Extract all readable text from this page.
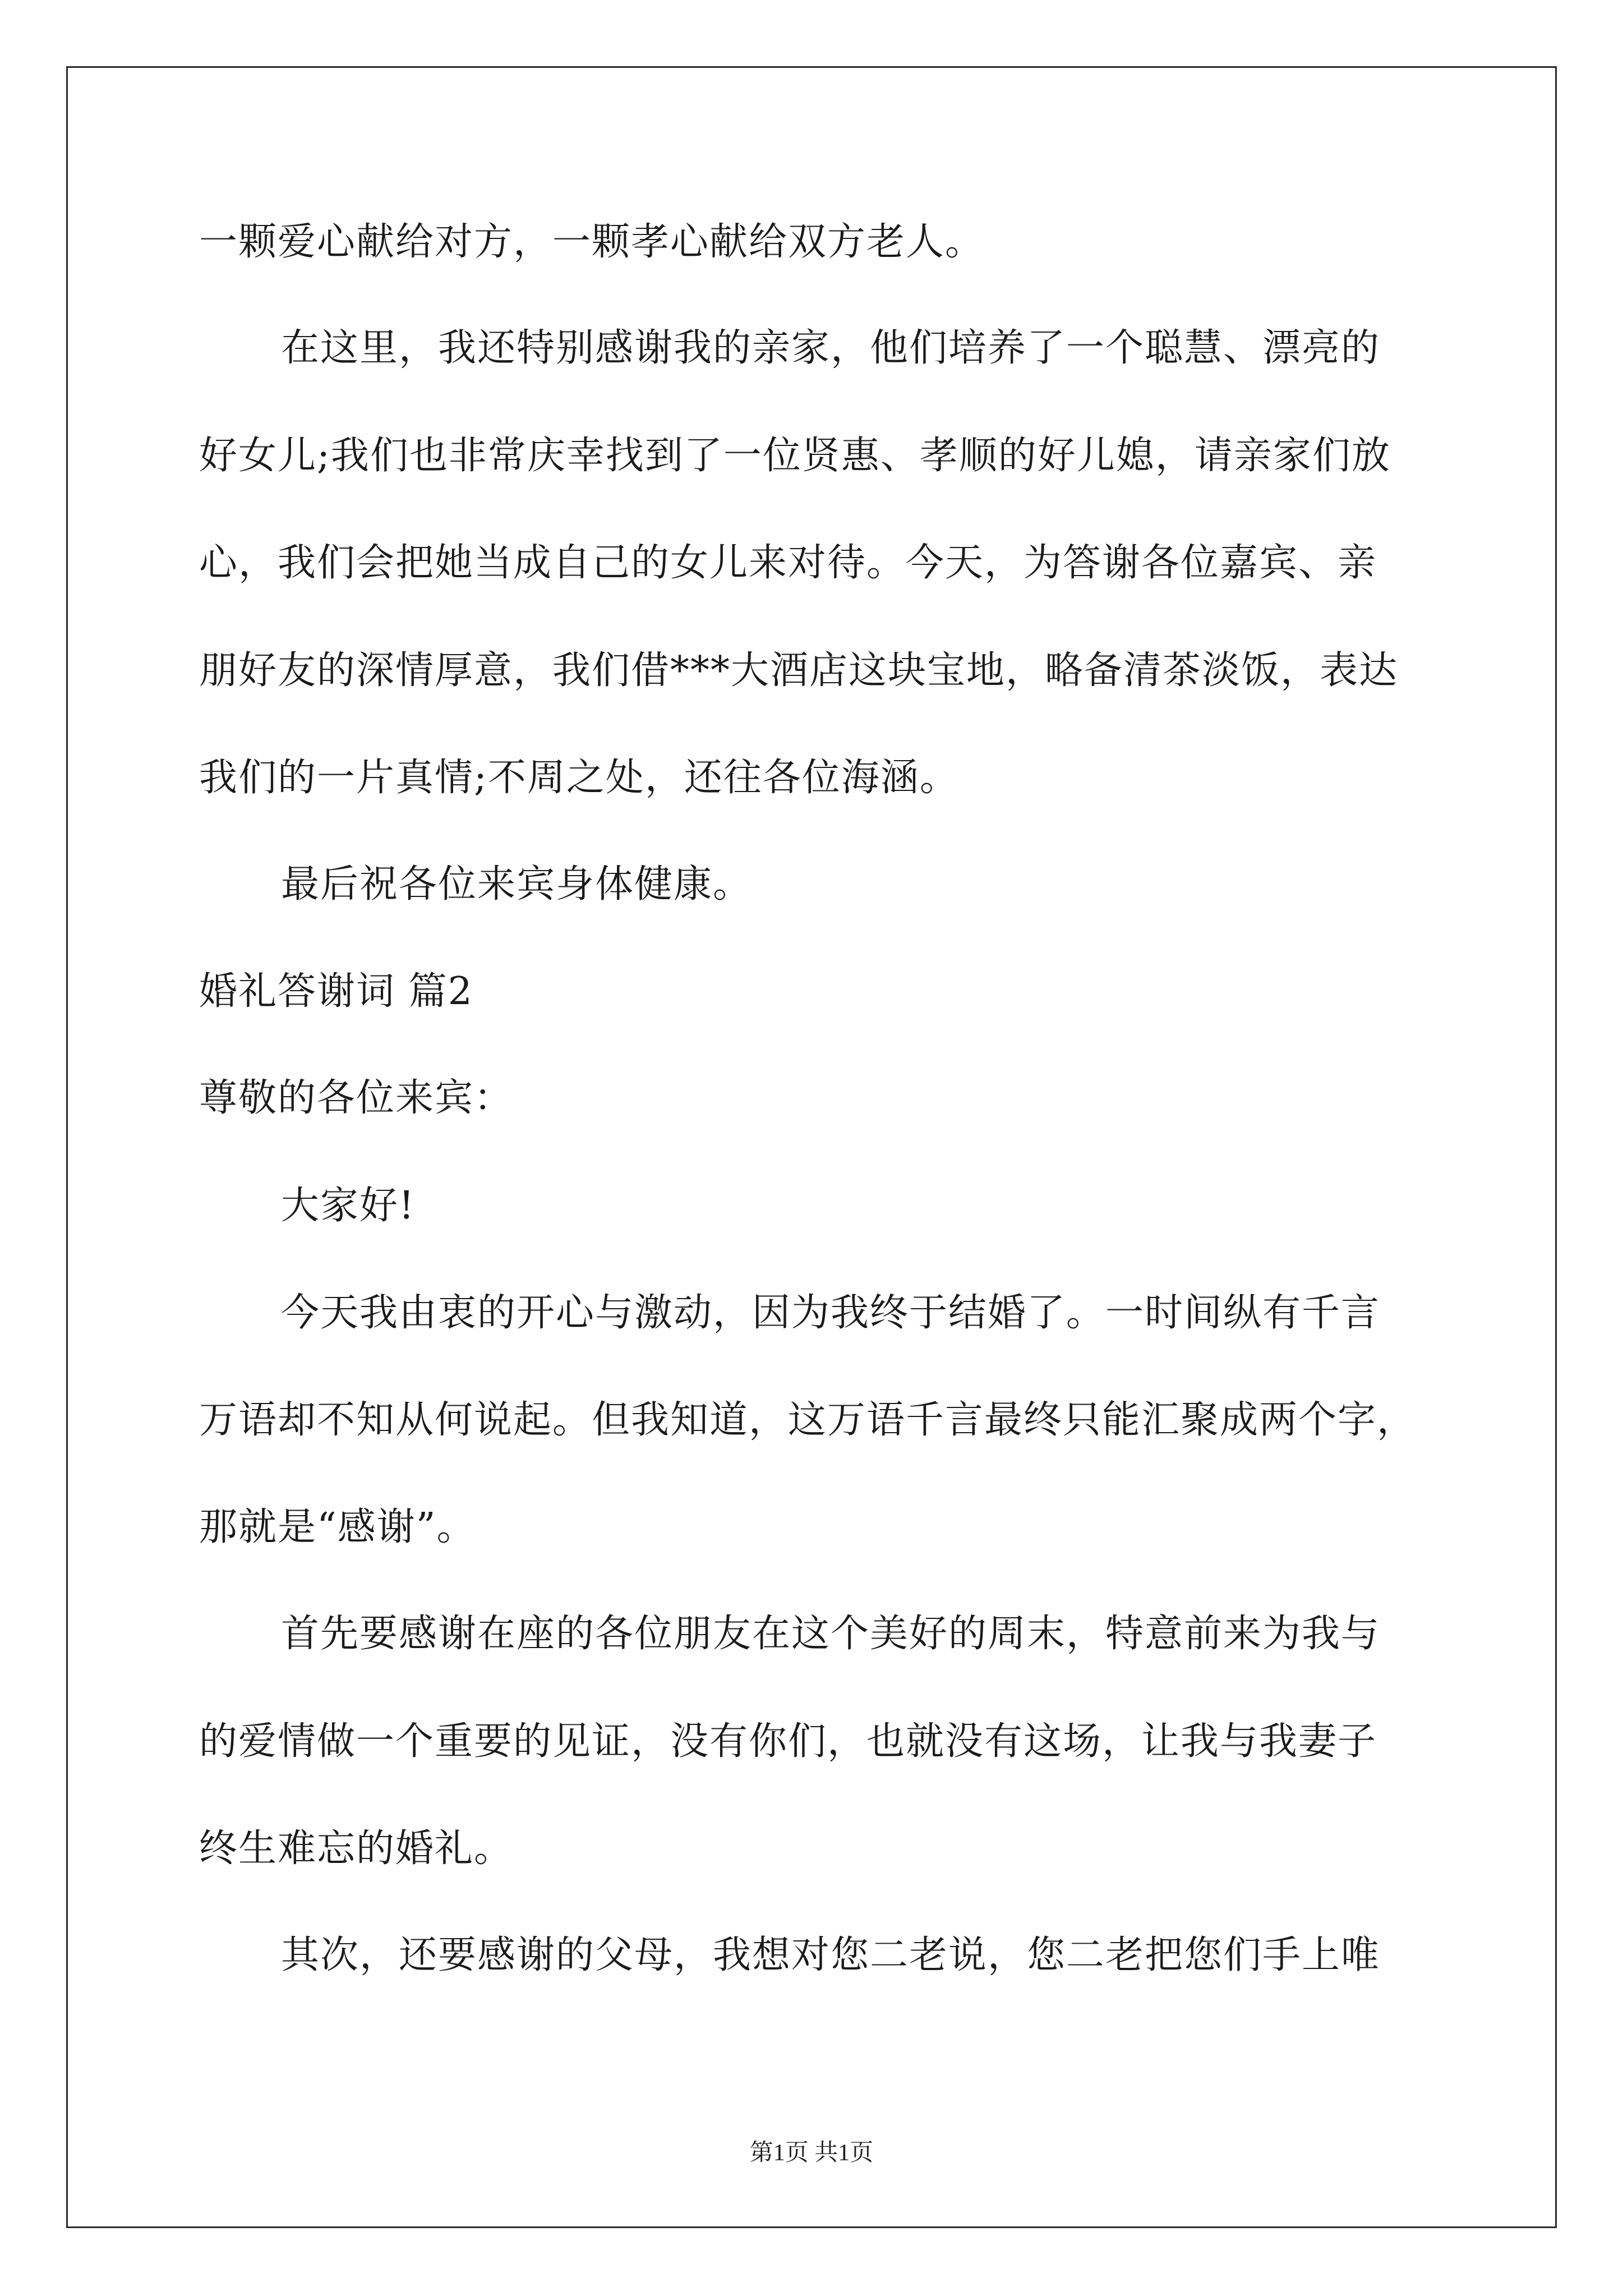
一颗爱心献给对方，一颗孝心献给双方老人。
在这里，我还特别感谢我的亲家，他们培养了一个聪慧、漂亮的
好女儿;我们也非常庆幸找到了一位贤惠、孝顺的好儿媳，请亲家们放
心，我们会把她当成自己的女儿来对待。今天，为答谢各位嘉宾、亲
朋好友的深情厚意，我们借***大酒店这块宝地，略备清茶淡饭，表达
我们的一片真情;不周之处，还往各位海涵。
最后祝各位来宾身体健康。
婚礼答谢词 篇2
尊敬的各位来宾：
大家好!
今天我由衷的开心与激动，因为我终于结婚了。一时间纵有千言
万语却不知从何说起。但我知道，这万语千言最终只能汇聚成两个字，
那就是“感谢”。
首先要感谢在座的各位朋友在这个美好的周末，特意前来为我与
的爱情做一个重要的见证，没有你们，也就没有这场，让我与我妻子
终生难忘的婚礼。
其次，还要感谢的父母，我想对您二老说，您二老把您们手上唯
第1页 共1页
